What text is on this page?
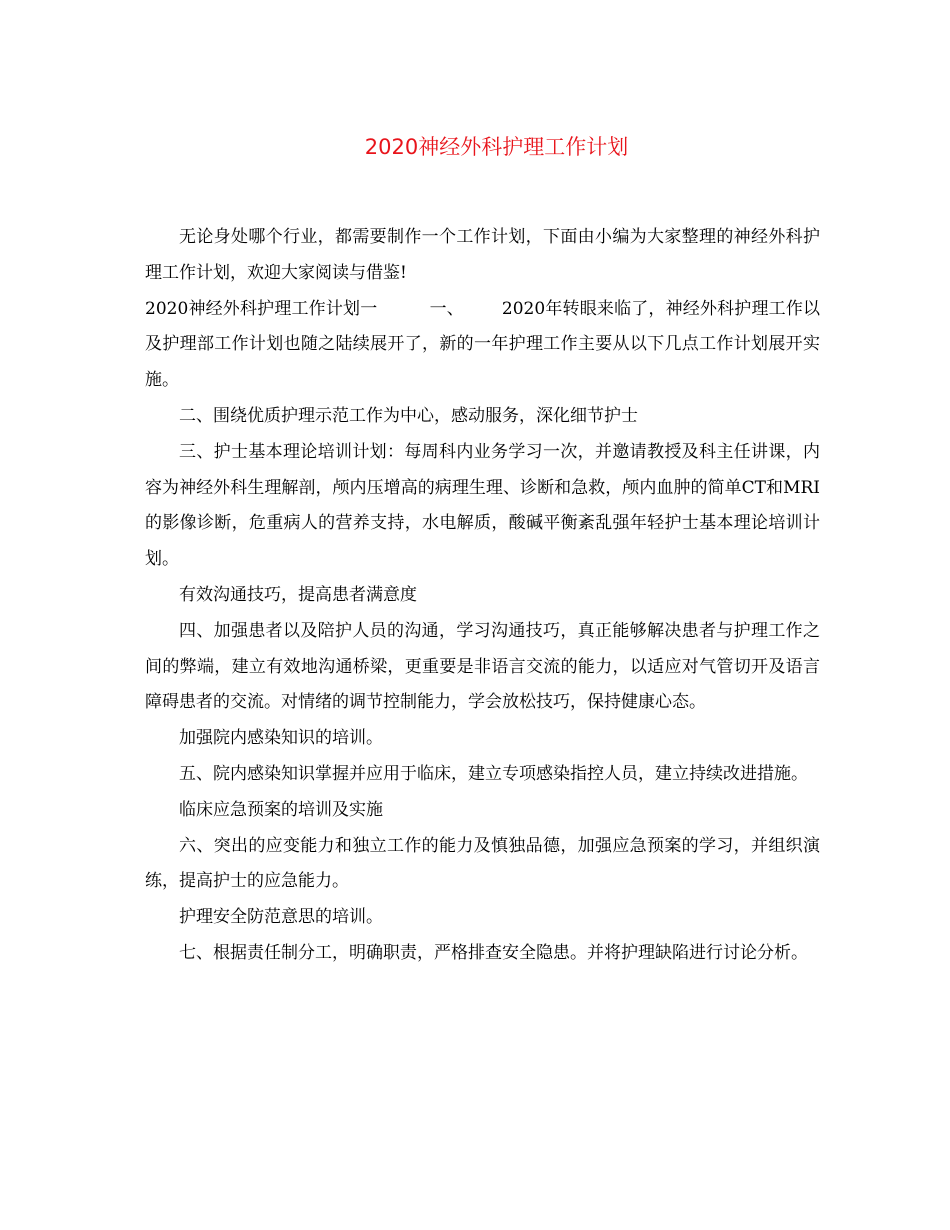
2020神经外科护理工作计划

无论身处哪个行业，都需要制作一个工作计划，下面由小编为大家整理的神经外科护理工作计划，欢迎大家阅读与借鉴!

2020神经外科护理工作计划一	一、 2020年转眼来临了，神经外科护理工作以及护理部工作计划也随之陆续展开了，新的一年护理工作主要从以下几点工作计划展开实施。

二、围绕优质护理示范工作为中心，感动服务，深化细节护士

三、护士基本理论培训计划：每周科内业务学习一次，并邀请教授及科主任讲课，内容为神经外科生理解剖，颅内压增高的病理生理、诊断和急救，颅内血肿的简单CT和MRI的影像诊断，危重病人的营养支持，水电解质，酸碱平衡紊乱强年轻护士基本理论培训计划。

有效沟通技巧，提高患者满意度

四、加强患者以及陪护人员的沟通，学习沟通技巧，真正能够解决患者与护理工作之间的弊端，建立有效地沟通桥梁，更重要是非语言交流的能力，以适应对气管切开及语言障碍患者的交流。对情绪的调节控制能力，学会放松技巧，保持健康心态。

加强院内感染知识的培训。

五、院内感染知识掌握并应用于临床，建立专项感染指控人员，建立持续改进措施。

临床应急预案的培训及实施

六、突出的应变能力和独立工作的能力及慎独品德，加强应急预案的学习，并组织演练，提高护士的应急能力。

护理安全防范意思的培训。

七、根据责任制分工，明确职责，严格排查安全隐患。并将护理缺陷进行讨论分析。
